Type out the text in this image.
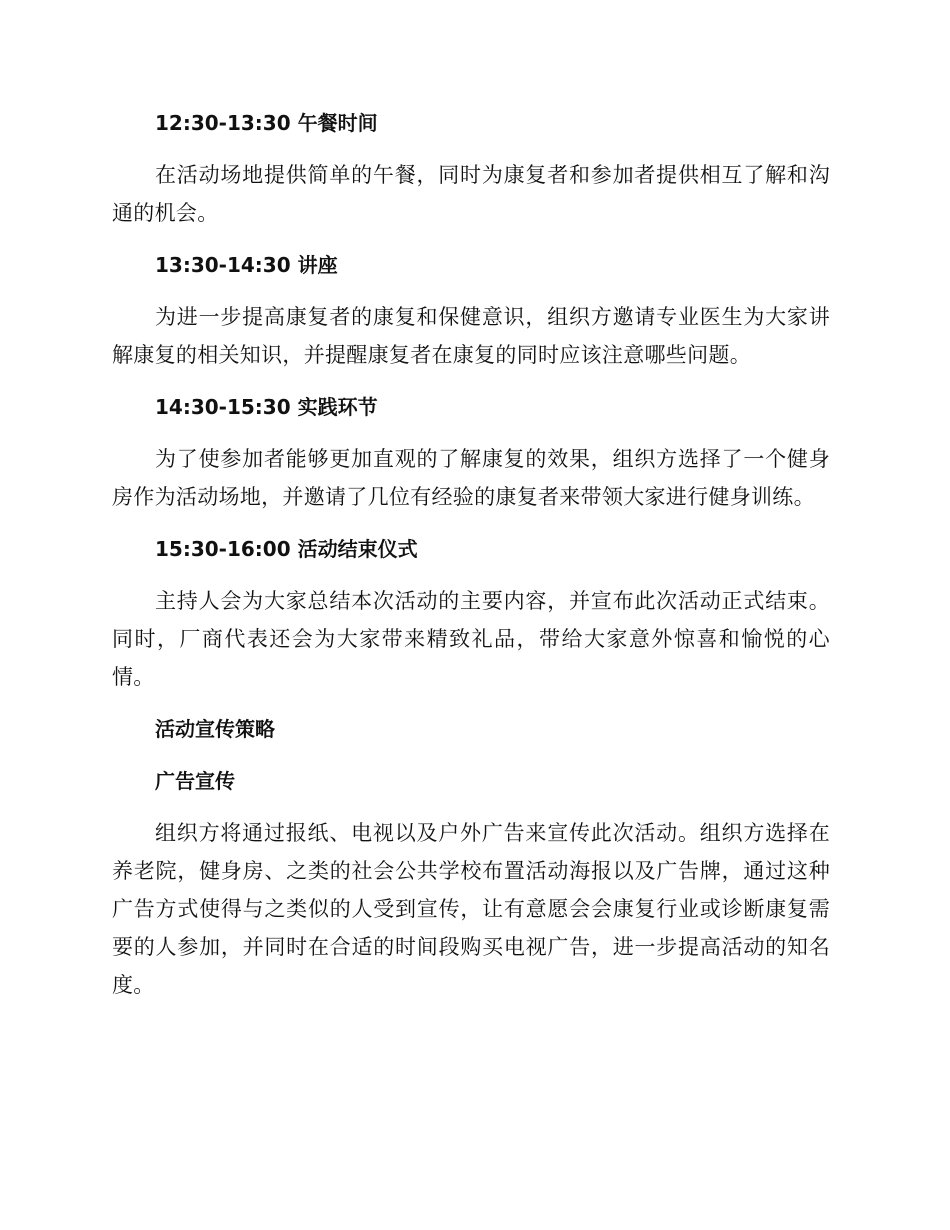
12:30-13:30 午餐时间
在活动场地提供简单的午餐，同时为康复者和参加者提供相互了解和沟通的机会。
13:30-14:30 讲座
为进一步提高康复者的康复和保健意识，组织方邀请专业医生为大家讲解康复的相关知识，并提醒康复者在康复的同时应该注意哪些问题。
14:30-15:30 实践环节
为了使参加者能够更加直观的了解康复的效果，组织方选择了一个健身房作为活动场地，并邀请了几位有经验的康复者来带领大家进行健身训练。
15:30-16:00 活动结束仪式
主持人会为大家总结本次活动的主要内容，并宣布此次活动正式结束。同时，厂商代表还会为大家带来精致礼品，带给大家意外惊喜和愉悦的心情。
活动宣传策略
广告宣传
组织方将通过报纸、电视以及户外广告来宣传此次活动。组织方选择在养老院，健身房、之类的社会公共学校布置活动海报以及广告牌，通过这种广告方式使得与之类似的人受到宣传，让有意愿会会康复行业或诊断康复需要的人参加，并同时在合适的时间段购买电视广告，进一步提高活动的知名度。
